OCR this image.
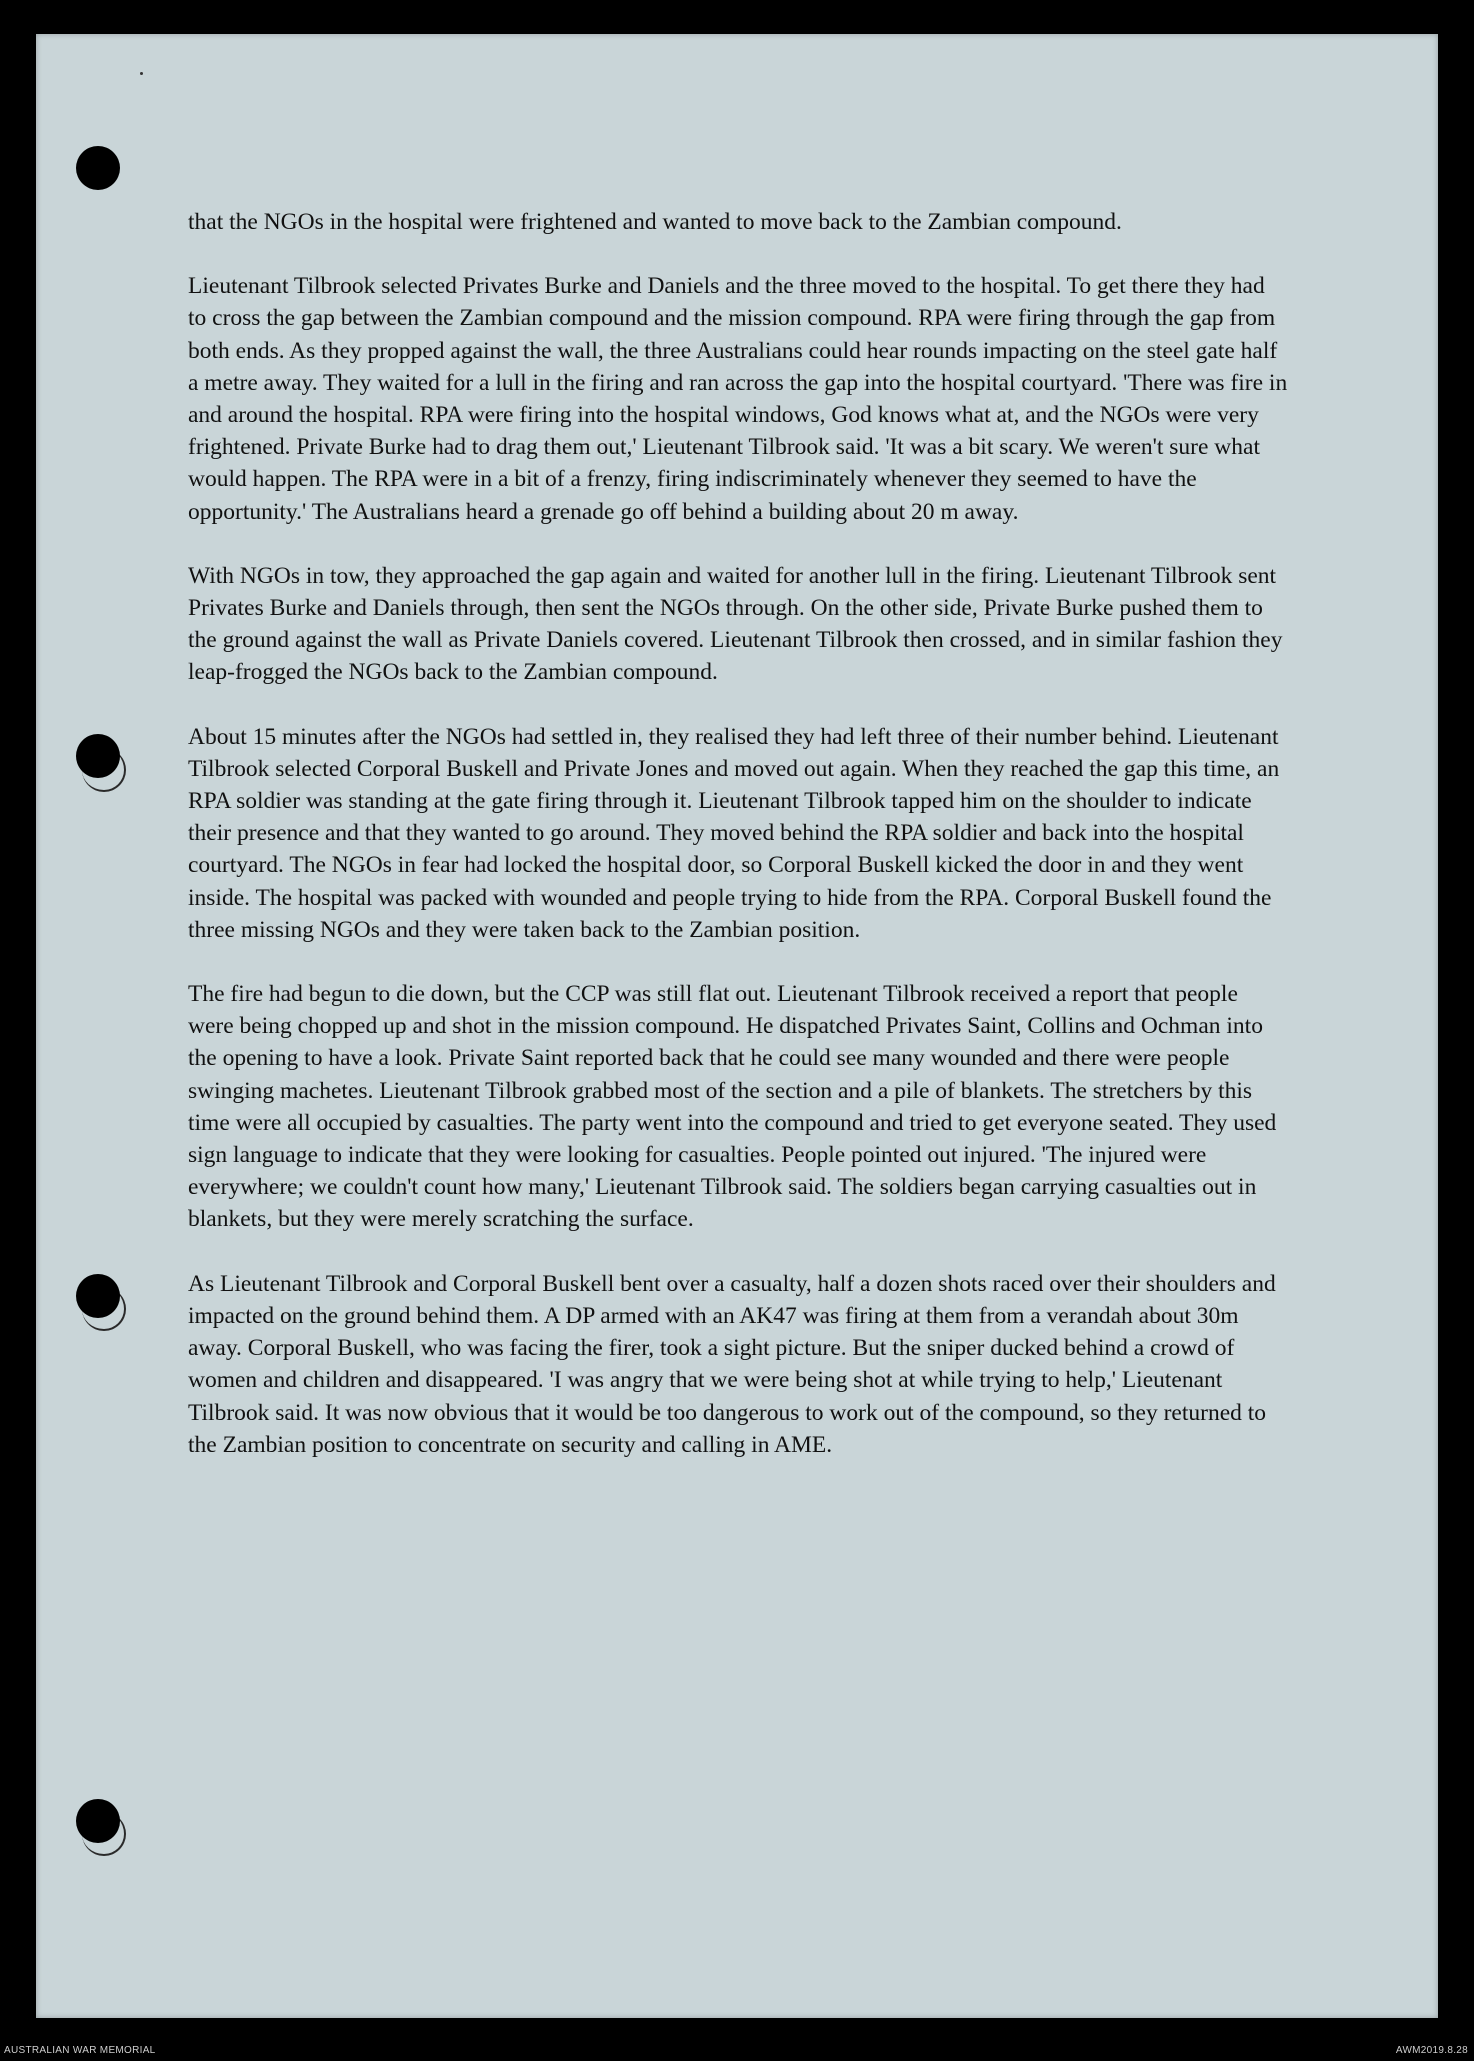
that the NGOs in the hospital were frightened and wanted to move back to the Zambian compound.

Lieutenant Tilbrook selected Privates Burke and Daniels and the three moved to the hospital. To get there they had to cross the gap between the Zambian compound and the mission compound. RPA were firing through the gap from both ends. As they propped against the wall, the three Australians could hear rounds impacting on the steel gate half a metre away. They waited for a lull in the firing and ran across the gap into the hospital courtyard. 'There was fire in and around the hospital. RPA were firing into the hospital windows, God knows what at, and the NGOs were very frightened. Private Burke had to drag them out,' Lieutenant Tilbrook said. 'It was a bit scary. We weren't sure what would happen. The RPA were in a bit of a frenzy, firing indiscriminately whenever they seemed to have the opportunity.' The Australians heard a grenade go off behind a building about 20 m away.

With NGOs in tow, they approached the gap again and waited for another lull in the firing. Lieutenant Tilbrook sent Privates Burke and Daniels through, then sent the NGOs through. On the other side, Private Burke pushed them to the ground against the wall as Private Daniels covered. Lieutenant Tilbrook then crossed, and in similar fashion they leap-frogged the NGOs back to the Zambian compound.

About 15 minutes after the NGOs had settled in, they realised they had left three of their number behind. Lieutenant Tilbrook selected Corporal Buskell and Private Jones and moved out again. When they reached the gap this time, an RPA soldier was standing at the gate firing through it. Lieutenant Tilbrook tapped him on the shoulder to indicate their presence and that they wanted to go around. They moved behind the RPA soldier and back into the hospital courtyard. The NGOs in fear had locked the hospital door, so Corporal Buskell kicked the door in and they went inside. The hospital was packed with wounded and people trying to hide from the RPA. Corporal Buskell found the three missing NGOs and they were taken back to the Zambian position.

The fire had begun to die down, but the CCP was still flat out. Lieutenant Tilbrook received a report that people were being chopped up and shot in the mission compound. He dispatched Privates Saint, Collins and Ochman into the opening to have a look. Private Saint reported back that he could see many wounded and there were people swinging machetes. Lieutenant Tilbrook grabbed most of the section and a pile of blankets. The stretchers by this time were all occupied by casualties. The party went into the compound and tried to get everyone seated. They used sign language to indicate that they were looking for casualties. People pointed out injured. 'The injured were everywhere; we couldn't count how many,' Lieutenant Tilbrook said. The soldiers began carrying casualties out in blankets, but they were merely scratching the surface.

As Lieutenant Tilbrook and Corporal Buskell bent over a casualty, half a dozen shots raced over their shoulders and impacted on the ground behind them. A DP armed with an AK47 was firing at them from a verandah about 30m away. Corporal Buskell, who was facing the firer, took a sight picture. But the sniper ducked behind a crowd of women and children and disappeared. 'I was angry that we were being shot at while trying to help,' Lieutenant Tilbrook said. It was now obvious that it would be too dangerous to work out of the compound, so they returned to the Zambian position to concentrate on security and calling in AME.

AUSTRALIAN WAR MEMORIAL	AWM2019.8.28
